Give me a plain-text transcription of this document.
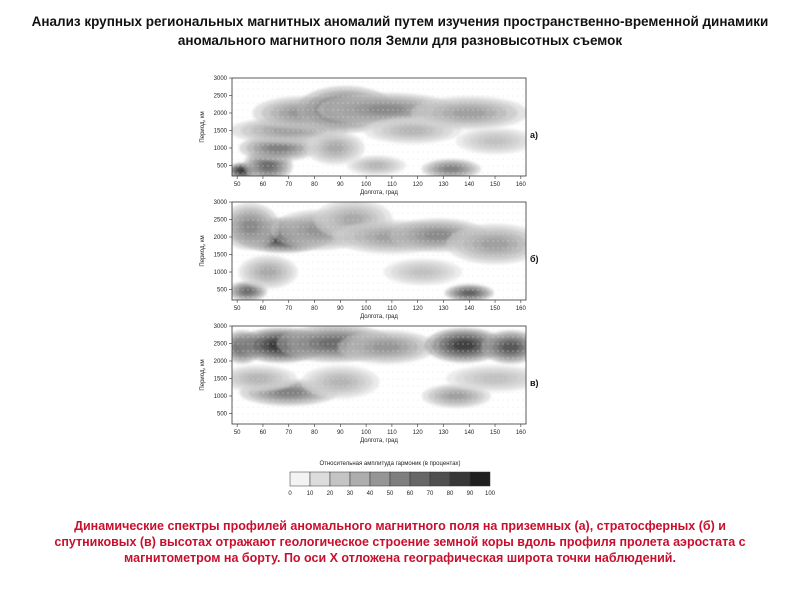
Анализ крупных региональных магнитных аномалий путем изучения пространственно-временной динамики аномального магнитного поля Земли для разновысотных съемок
500
1000
1500
2000
2500
3000
50	60	70	80	90	100	110	120	130	140	150	160
Долгота, град
Период, км	а)
500
1000
1500
2000
2500
3000
50	60	70	80	90	100	110	120	130	140	150	160
Долгота, град
Период, км	б)
500
1000
1500
2000
2500
3000
50	60	70	80	90	100	110	120	130	140	150	160
Долгота, град
Период, км	в)
Относительная амплитуда гармоник (в процентах)
0 10 20 30 40 50 60 70 80 90 100
Динамические спектры профилей аномального магнитного поля на приземных (а), стратосферных (б) и спутниковых (в) высотах отражают геологическое строение земной коры вдоль профиля пролета аэростата с магнитометром на борту. По оси X отложена географическая широта точки наблюдений.
